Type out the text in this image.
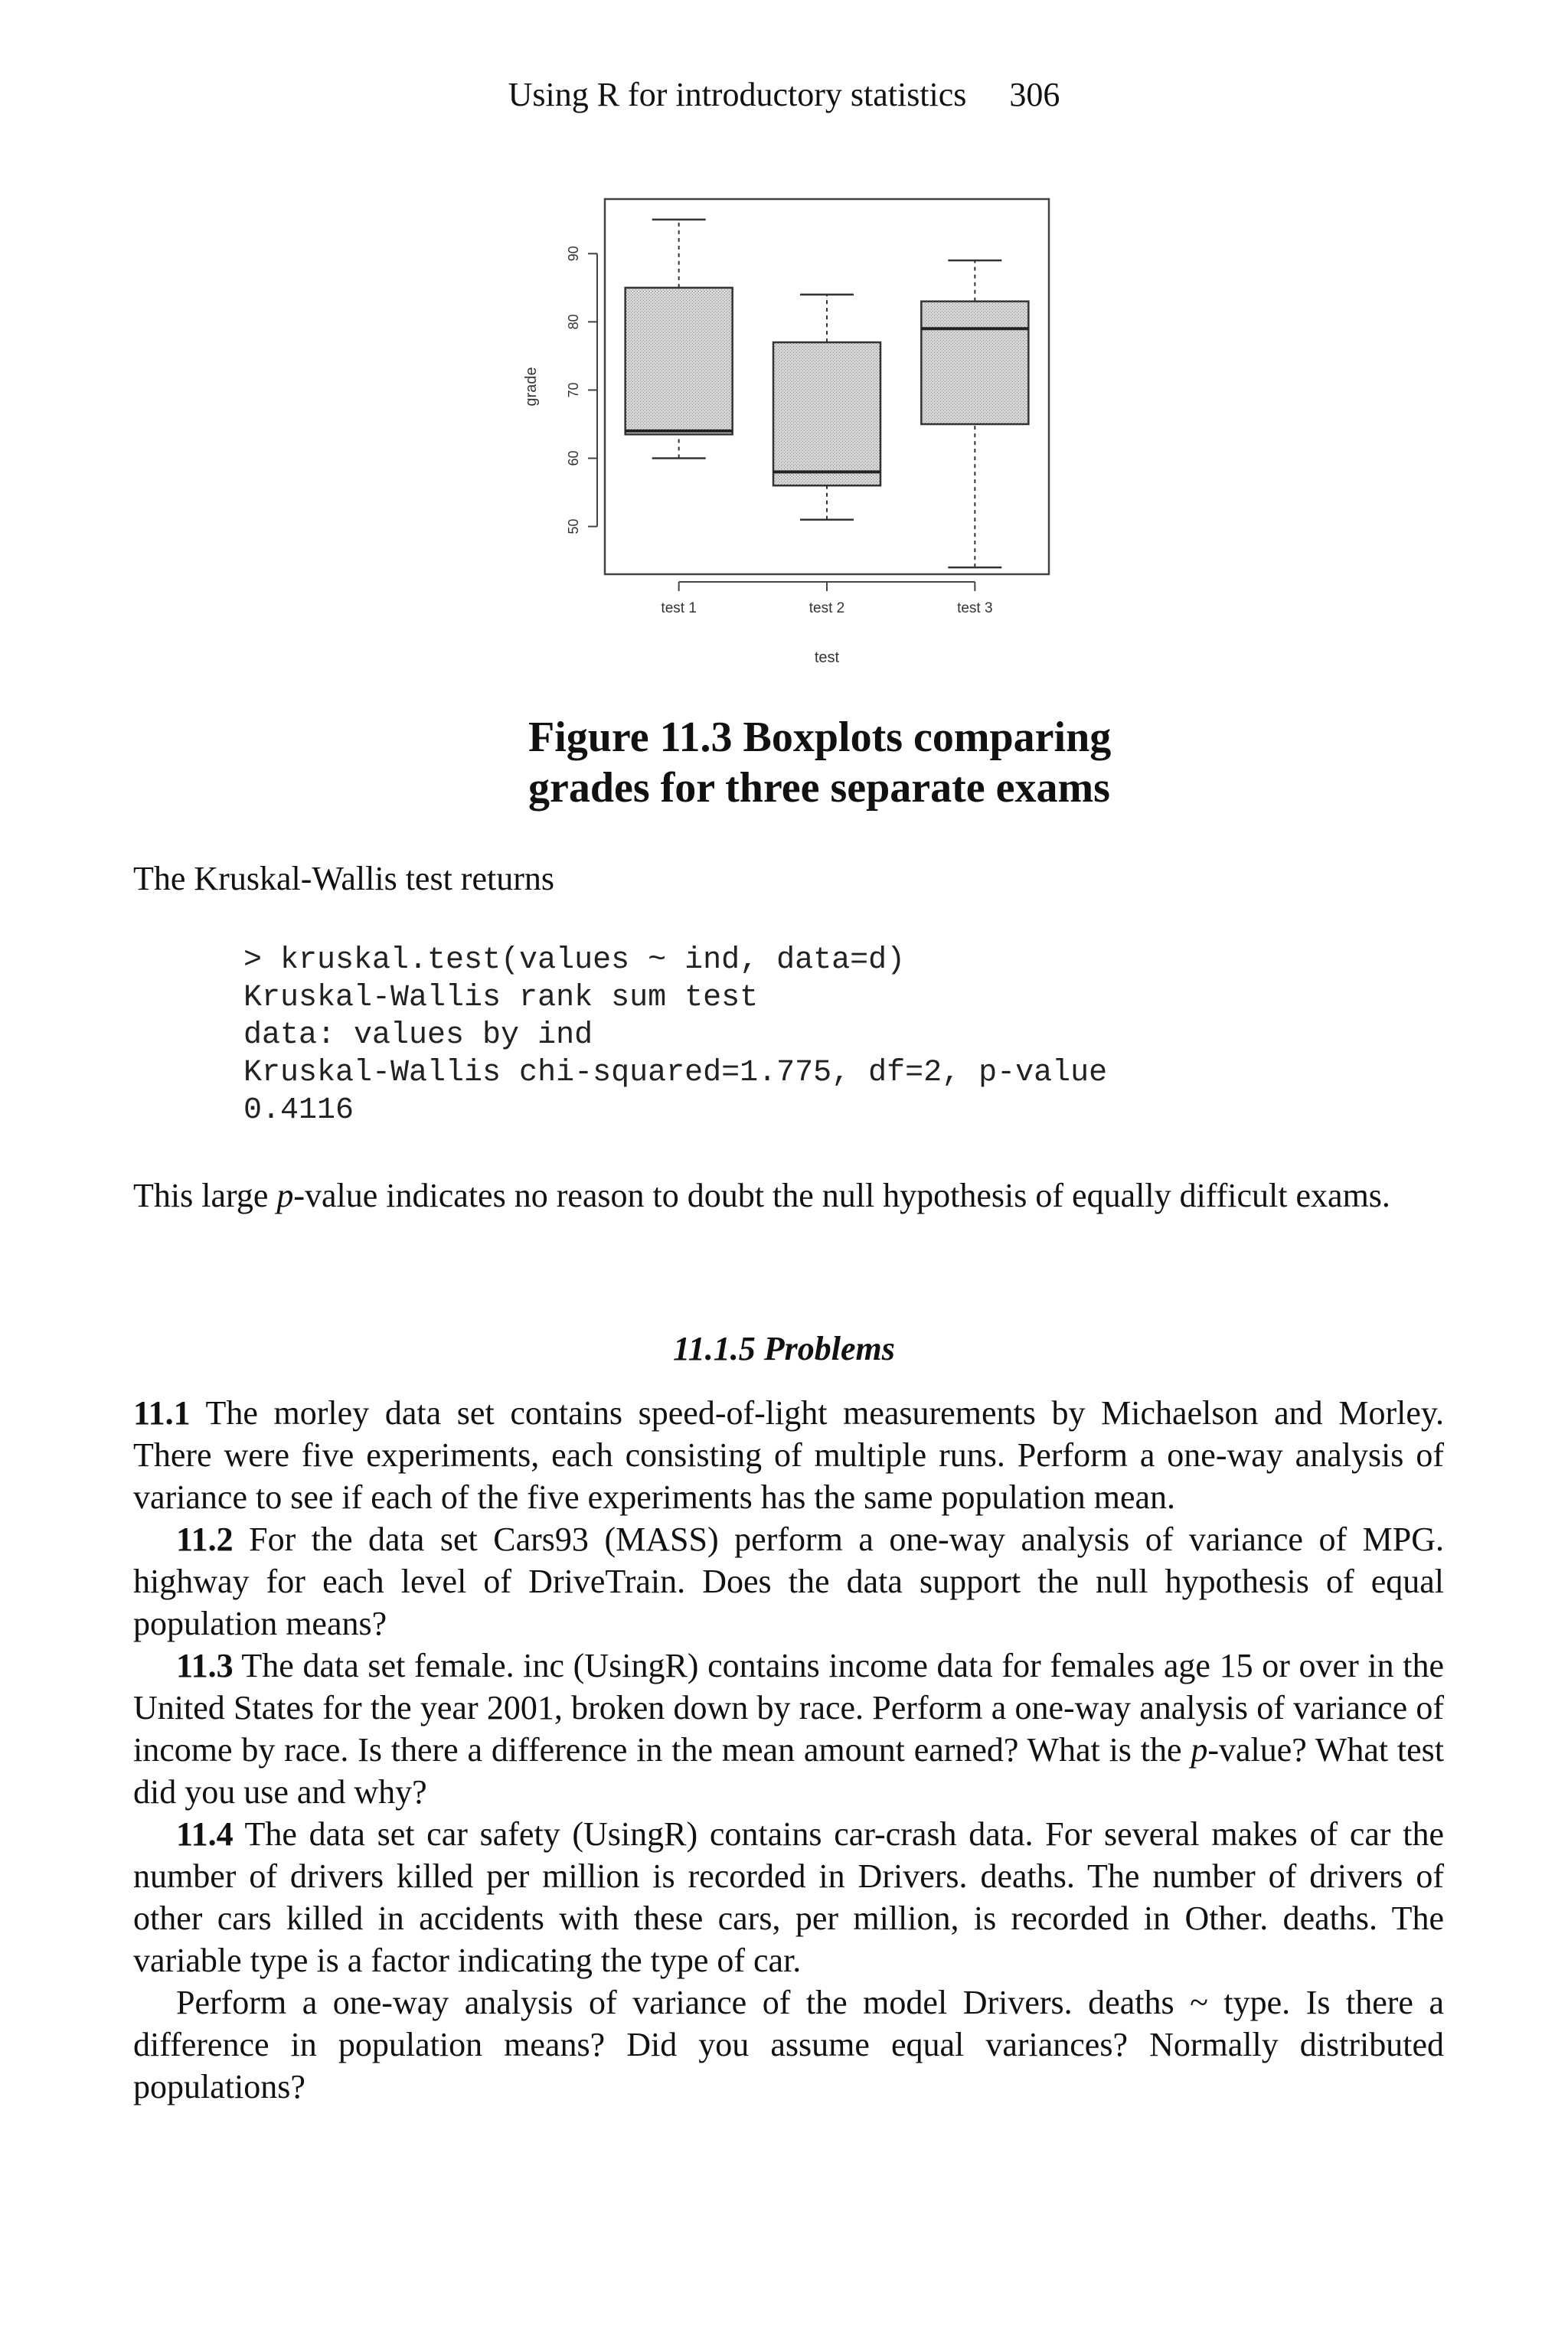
Using R for introductory statistics 306
50
60
70
80
90
test 1	test 2	test 3
grade
test
Figure 11.3 Boxplots comparing
grades for three separate exams
The Kruskal-Wallis test returns
> kruskal.test(values ~ ind, data=d)
Kruskal-Wallis rank sum test
data: values by ind
Kruskal-Wallis chi-squared=1.775, df=2, p-value
0.4116
This large p-value indicates no reason to doubt the null hypothesis of equally difficult exams.
11.1.5 Problems
11.1 The morley data set contains speed-of-light measurements by Michaelson and Morley. There were five experiments, each consisting of multiple runs. Perform a one-way analysis of variance to see if each of the five experiments has the same population mean.
11.2 For the data set Cars93 (MASS) perform a one-way analysis of variance of MPG. highway for each level of DriveTrain. Does the data support the null hypothesis of equal population means?
11.3 The data set female. inc (UsingR) contains income data for females age 15 or over in the United States for the year 2001, broken down by race. Perform a one-way analysis of variance of income by race. Is there a difference in the mean amount earned? What is the p-value? What test did you use and why?
11.4 The data set car safety (UsingR) contains car-crash data. For several makes of car the number of drivers killed per million is recorded in Drivers. deaths. The number of drivers of other cars killed in accidents with these cars, per million, is recorded in Other. deaths. The variable type is a factor indicating the type of car.
Perform a one-way analysis of variance of the model Drivers. deaths ~ type. Is there a difference in population means? Did you assume equal variances? Normally distributed populations?
